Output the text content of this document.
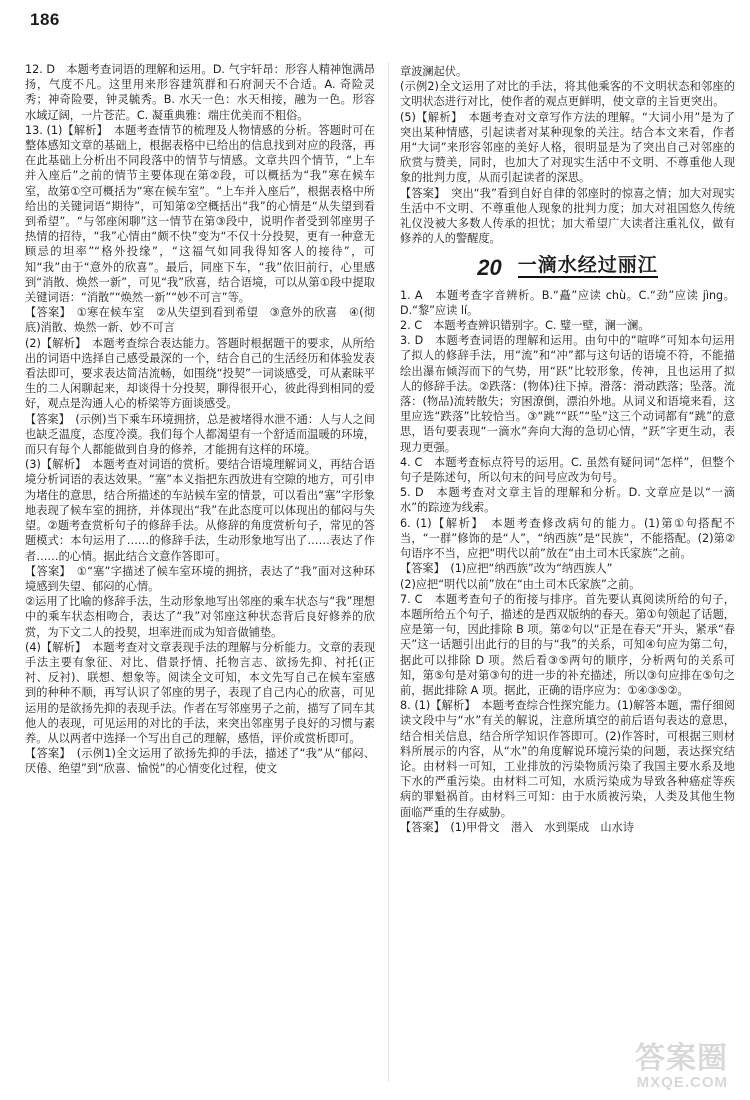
186

12. D　本题考查词语的理解和运用。D. 气宇轩昂：形容人精神饱满昂扬，气度不凡。这里用来形容建筑群和石府洞天不合适。A. 奇险灵秀；神奇险要，钟灵毓秀。B. 水天一色：水天相接，融为一色。形容水域辽阔，一片苍茫。C. 凝重典雅：端庄优美而不粗俗。

13. (1)【解析】　本题考查情节的梳理及人物情感的分析。答题时可在整体感知文章的基础上，根据表格中已给出的信息找到对应的段落，再在此基础上分析出不同段落中的情节与情感。文章共四个情节，“上车并入座后”之前的情节主要体现在第②段，可以概括为“我”寒在候车室，故第①空可概括为“寒在候车室”。“上车并入座后”，根据表格中所给出的关键词语“期待”，可知第②空概括出“我”的心情是“从失望到看到希望”。“与邻座闲聊”这一情节在第③段中，说明作者受到邻座男子热情的招待，“我”心情由“颇不快”变为“不仅十分投契，更有一种意无顾忌的坦率”“格外投缘”，“这福气如同我得知客人的接待”，可知“我”由于“意外的欣喜”。最后，同座下车，“我”依旧前行，心里感到“消散、焕然一新”，可见“我”欣喜，结合语境，可以从第①段中提取关键词语：“消散”“焕然一新”“妙不可言”等。

【答案】　①寒在候车室　②从失望到看到希望　③意外的欣喜　④(彻底)消散、焕然一新、妙不可言

(2)【解析】　本题考查综合表达能力。答题时根据题干的要求，从所给出的词语中选择自己感受最深的一个，结合自己的生活经历和体验发表看法即可，要求表达简洁流畅，如围绕“投契”一词谈感受，可从素昧平生的二人闲聊起来，却谈得十分投契，聊得很开心，彼此得到相同的爱好，观点是沟通人心的桥梁等方面谈感受。

【答案】　(示例)当下乘车环境拥挤，总是被堵得水泄不通：人与人之间也缺乏温度，态度冷漠。我们每个人都渴望有一个舒适而温暖的环境，而只有每个人都能做到自身的修养，才能拥有这样的环境。

(3)【解析】　本题考查对词语的赏析。要结合语境理解词义，再结合语境分析词语的表达效果。“塞”本义指把东西放进有空隙的地方，可引申为堵住的意思，结合所描述的车站候车室的情景，可以看出“塞”字形象地表现了候车室的拥挤，并体现出“我”在此态度可以体现出的郁闷与失望。②题考查赏析句子的修辞手法。从修辞的角度赏析句子，常见的答题模式：本句运用了……的修辞手法，生动形象地写出了……表达了作者……的心情。据此结合文意作答即可。

【答案】　①“塞”字描述了候车室环境的拥挤，表达了“我”面对这种环境感到失望、郁闷的心情。

②运用了比喻的修辞手法，生动形象地写出邻座的乘车状态与“我”理想中的乘车状态相吻合，表达了“我”对邻座这种状态背后良好修养的欣赏，为下文二人的投契，坦率进而成为知音做铺垫。

(4)【解析】　本题考查对文章表现手法的理解与分析能力。文章的表现手法主要有象征、对比、借景抒情、托物言志、欲扬先抑、衬托(正衬、反衬)、联想、想象等。阅读全文可知，本文先写自己在候车室感到的种种不顺，再写认识了邻座的男子，表现了自己内心的欣喜，可见运用的是欲扬先抑的表现手法。作者在写邻座男子之前，描写了同车其他人的表现，可见运用的对比的手法，来突出邻座男子良好的习惯与素养。从以两者中选择一个写出自己的理解，感悟，评价或赏析即可。

【答案】　(示例1)全文运用了欲扬先抑的手法，描述了“我”从“郁闷、厌倦、绝望”到“欣喜、愉悦”的心情变化过程，使文

章波澜起伏。

(示例2)全文运用了对比的手法，将其他乘客的不文明状态和邻座的文明状态进行对比，使作者的观点更鲜明，使文章的主旨更突出。

(5)【解析】　本题考查对文章写作方法的理解。“大词小用”是为了突出某种情感，引起读者对某种现象的关注。结合本文来看，作者用“大词”来形容邻座的美好人格，很明显是为了突出自己对邻座的欣赏与赞美，同时，也加大了对现实生活中不文明、不尊重他人现象的批判力度，从而引起读者的深思。

【答案】　突出“我”看到自好自律的邻座时的惊喜之情；加大对现实生活中不文明、不尊重他人现象的批判力度；加大对祖国悠久传统礼仪没被大多数人传承的担忧；加大希望广大读者注重礼仪，做有修养的人的警醒度。

20 一滴水经过丽江

1. A　本题考查字音辨析。B.“矗”应读 chù。C.“劲”应读 jìng。D.“黎”应读 lí。

2. C　本题考查辨识错别字。C. 璧一壁，澜一澜。

3. D　本题考查词语的理解和运用。由句中的“喧哗”可知本句运用了拟人的修辞手法，用“流”和“冲”都与这句话的语境不符，不能描绘出瀑布倾泻而下的气势，用“跃”比较形象，传神，且也运用了拟人的修辞手法。②跌落：(物体)往下掉。滑落：滑动跌落；坠落。流落：(物品)流转散失；穷困潦倒，漂泊外地。从词义和语境来看，这里应选“跌落”比较恰当。③“跳”“跃”“坠”这三个动词都有“跳”的意思，语句要表现“一滴水”奔向大海的急切心情，“跃”字更生动，表现力更强。

4. C　本题考查标点符号的运用。C. 虽然有疑问词“怎样”，但整个句子是陈述句，所以句末的问号应改为句号。

5. D　本题考查对文章主旨的理解和分析。D. 文章应是以“一滴水”的踪迹为线索。

6. (1)【解析】　本题考查修改病句的能力。(1)第①句搭配不当，“一群”修饰的是“人”，“纳西族”是“民族”，不能搭配。(2)第②句语序不当，应把“明代以前”放在“由土司木氏家族”之前。

【答案】　(1)应把“纳西族”改为“纳西族人”

(2)应把“明代以前”放在“由土司木氏家族”之前。

7. C　本题考查句子的衔接与排序。首先要认真阅读所给的句子，本题所给五个句子，描述的是西双版纳的春天。第①句领起了话题，应是第一句，因此排除 B 项。第②句以“正是在春天”开头，紧承“春天”这一话题引出此行的目的与“我”的关系，可知④句应为第二句，据此可以排除 D 项。然后看③⑤两句的顺序，分析两句的关系可知，第⑤句是对第③句的进一步的补充描述，所以③句应排在⑤句之前，据此排除 A 项。据此，正确的语序应为：①④③⑤②。

8. (1)【解析】　本题考查综合性探究能力。(1)解答本题，需仔细阅读文段中与“水”有关的解说，注意所填空的前后语句表达的意思，结合相关信息，结合所学知识作答即可。(2)作答时，可根据三则材料所展示的内容，从“水”的角度解说环境污染的问题，表达探究结论。由材料一可知，工业排放的污染物质污染了我国主要水系及地下水的严重污染。由材料二可知，水质污染成为导致各种癌症等疾病的罪魁祸首。由材料三可知：由于水质被污染，人类及其他生物面临严重的生存威胁。

【答案】　(1)甲骨文　潜入　水到渠成　山水诗

答案圈
MXQE.COM
